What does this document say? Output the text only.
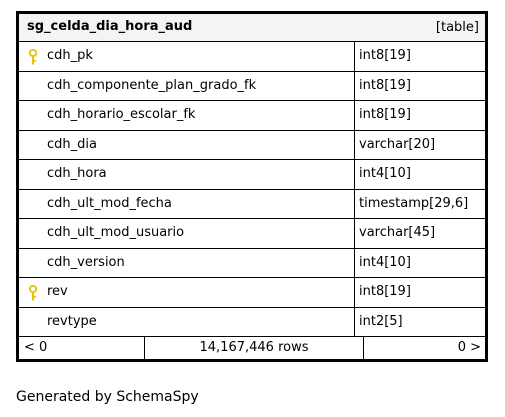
sg_celda_dia_hora_aud	[table]
cdh_pk	int8[19]
cdh_componente_plan_grado_fk	int8[19]
cdh_horario_escolar_fk	int8[19]
cdh_dia	varchar[20]
cdh_hora	int4[10]
cdh_ult_mod_fecha	timestamp[29,6]
cdh_ult_mod_usuario	varchar[45]
cdh_version	int4[10]
rev	int8[19]
revtype	int2[5]
< 0	14,167,446 rows	0 >
Generated by SchemaSpy
